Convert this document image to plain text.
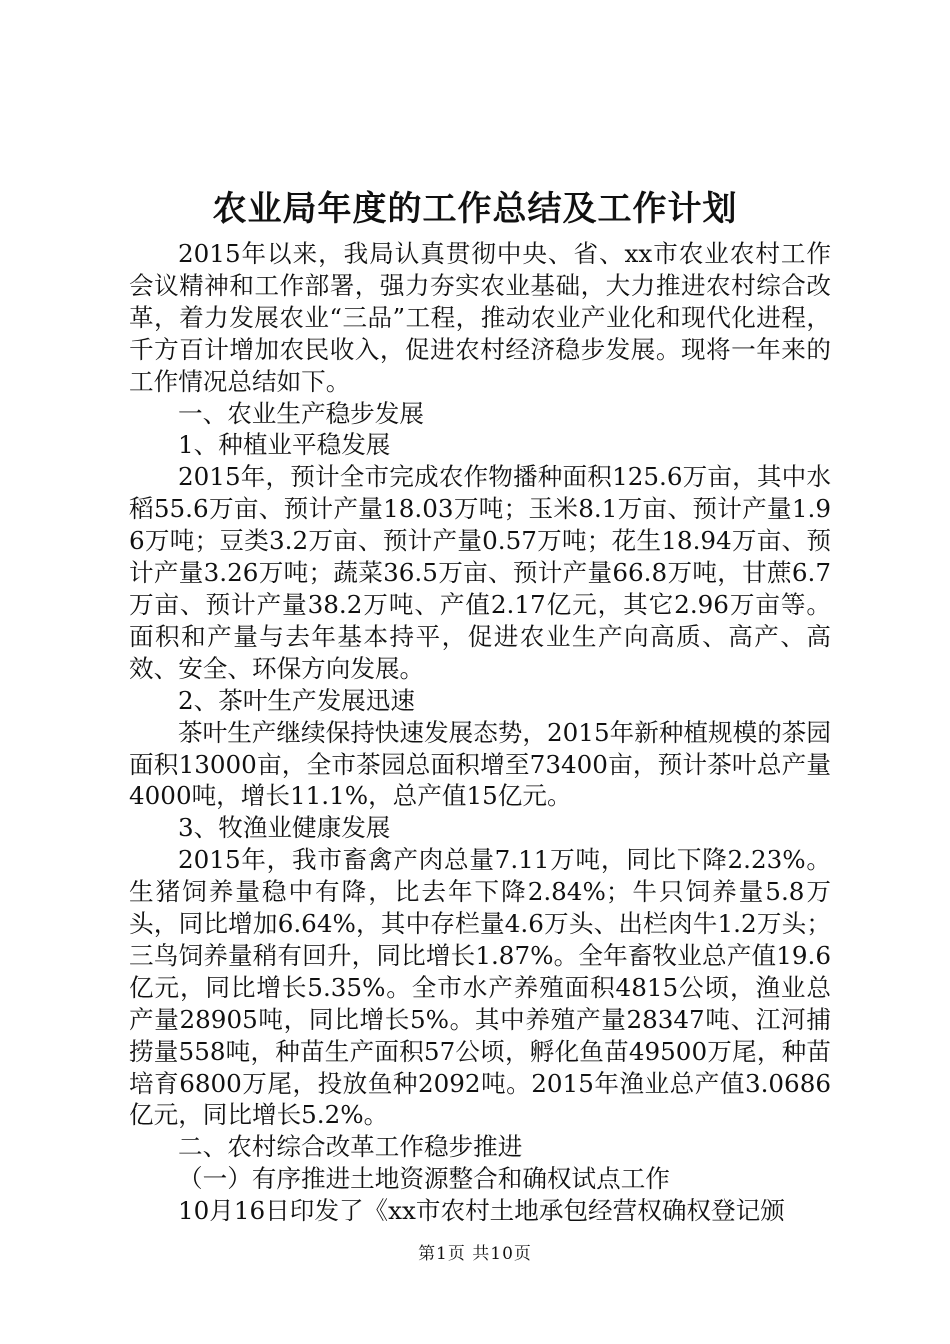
农业局年度的工作总结及工作计划

2015年以来，我局认真贯彻中央、省、xx市农业农村工作会议精神和工作部署，强力夯实农业基础，大力推进农村综合改革，着力发展农业“三品”工程，推动农业产业化和现代化进程，千方百计增加农民收入，促进农村经济稳步发展。现将一年来的工作情况总结如下。

一、农业生产稳步发展

1、种植业平稳发展

2015年，预计全市完成农作物播种面积125.6万亩，其中水稻55.6万亩、预计产量18.03万吨；玉米8.1万亩、预计产量1.96万吨；豆类3.2万亩、预计产量0.57万吨；花生18.94万亩、预计产量3.26万吨；蔬菜36.5万亩、预计产量66.8万吨，甘蔗6.7万亩、预计产量38.2万吨、产值2.17亿元，其它2.96万亩等。面积和产量与去年基本持平，促进农业生产向高质、高产、高效、安全、环保方向发展。

2、茶叶生产发展迅速

茶叶生产继续保持快速发展态势，2015年新种植规模的茶园面积13000亩，全市茶园总面积增至73400亩，预计茶叶总产量4000吨，增长11.1%，总产值15亿元。

3、牧渔业健康发展

2015年，我市畜禽产肉总量7.11万吨，同比下降2.23%。生猪饲养量稳中有降，比去年下降2.84%；牛只饲养量5.8万头，同比增加6.64%，其中存栏量4.6万头、出栏肉牛1.2万头；三鸟饲养量稍有回升，同比增长1.87%。全年畜牧业总产值19.6亿元，同比增长5.35%。全市水产养殖面积4815公顷，渔业总产量28905吨，同比增长5%。其中养殖产量28347吨、江河捕捞量558吨，种苗生产面积57公顷，孵化鱼苗49500万尾，种苗培育6800万尾，投放鱼种2092吨。2015年渔业总产值3.0686亿元，同比增长5.2%。

二、农村综合改革工作稳步推进

（一）有序推进土地资源整合和确权试点工作

10月16日印发了《xx市农村土地承包经营权确权登记颁

第1页 共10页
